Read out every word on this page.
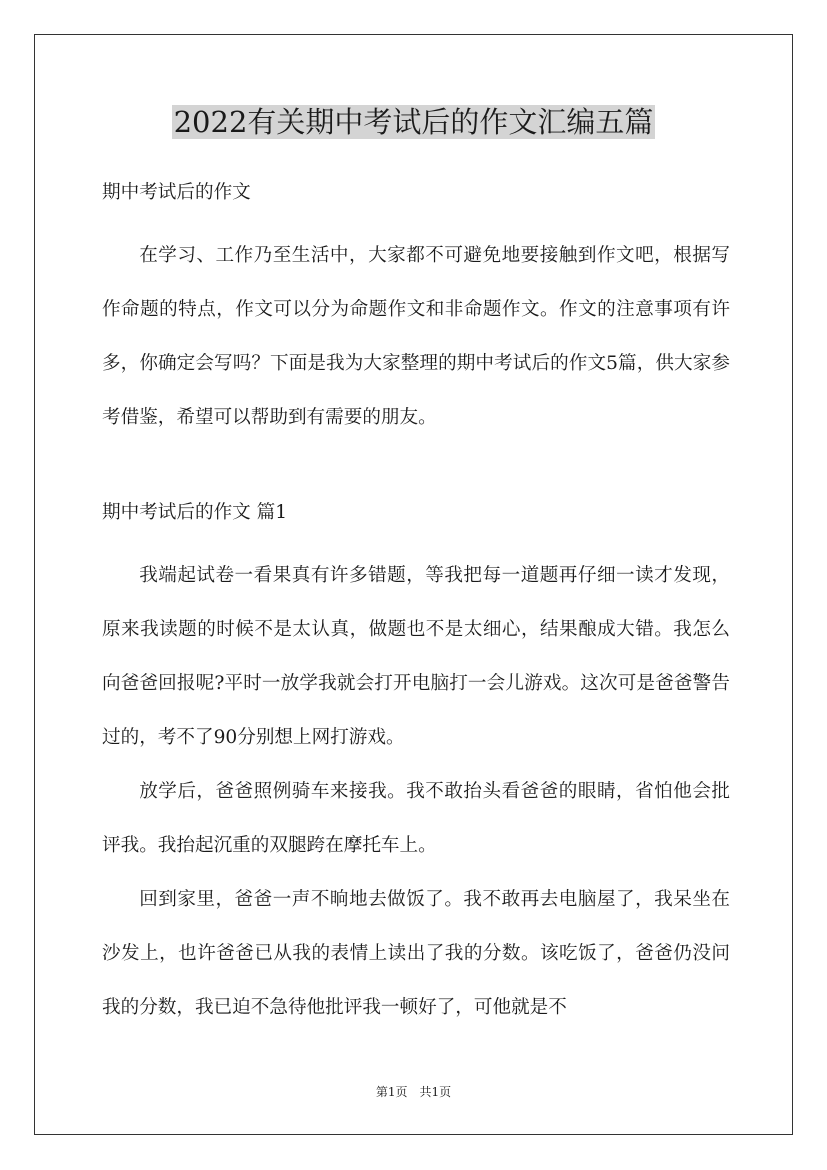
2022有关期中考试后的作文汇编五篇

期中考试后的作文

在学习、工作乃至生活中，大家都不可避免地要接触到作文吧，根据写作命题的特点，作文可以分为命题作文和非命题作文。作文的注意事项有许多，你确定会写吗？下面是我为大家整理的期中考试后的作文5篇，供大家参考借鉴，希望可以帮助到有需要的朋友。

期中考试后的作文 篇1

我端起试卷一看果真有许多错题，等我把每一道题再仔细一读才发现，原来我读题的时候不是太认真，做题也不是太细心，结果酿成大错。我怎么向爸爸回报呢?平时一放学我就会打开电脑打一会儿游戏。这次可是爸爸警告过的，考不了90分别想上网打游戏。

放学后，爸爸照例骑车来接我。我不敢抬头看爸爸的眼睛，省怕他会批评我。我抬起沉重的双腿跨在摩托车上。

回到家里，爸爸一声不晌地去做饭了。我不敢再去电脑屋了，我呆坐在沙发上，也许爸爸已从我的表情上读出了我的分数。该吃饭了，爸爸仍没问我的分数，我已迫不急待他批评我一顿好了，可他就是不

第1页　共1页
